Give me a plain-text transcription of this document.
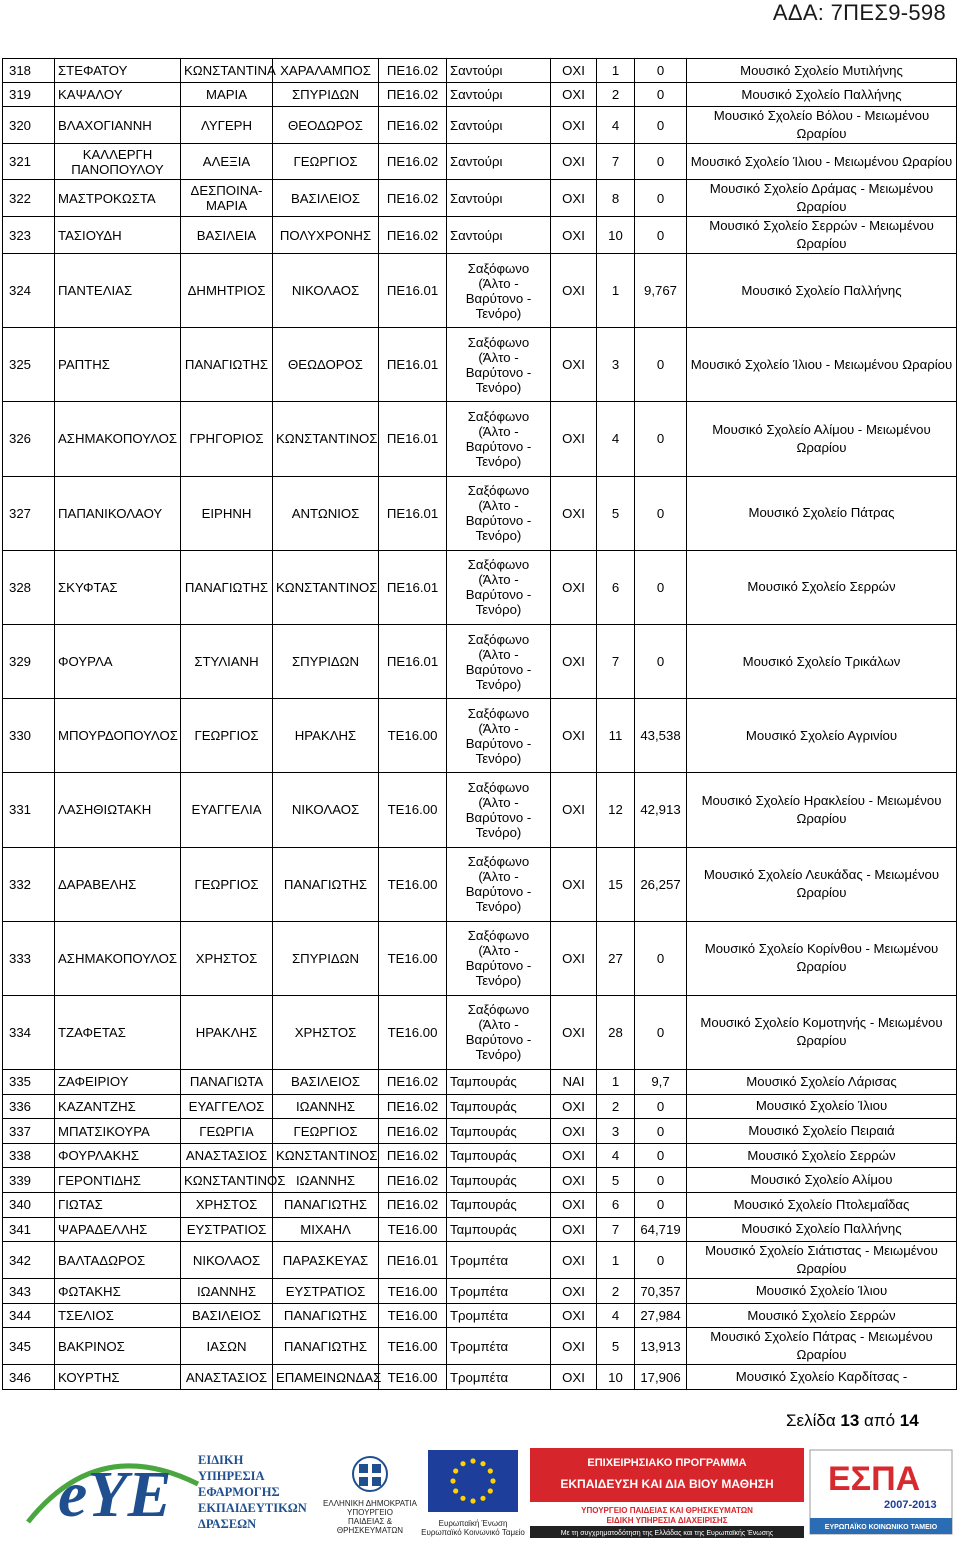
ΑΔΑ: 7ΠΕΣ9-598
318	ΣΤΕΦΑΤΟΥ	ΚΩΝΣΤΑΝΤΙΝΑ	ΧΑΡΑΛΑΜΠΟΣ	ΠΕ16.02	Σαντούρι	ΟΧΙ	1	0	Μουσικό Σχολείο Μυτιλήνης
319	ΚΑΨΑΛΟΥ	ΜΑΡΙΑ	ΣΠΥΡΙΔΩΝ	ΠΕ16.02	Σαντούρι	ΟΧΙ	2	0	Μουσικό Σχολείο Παλλήνης
320	ΒΛΑΧΟΓΙΑΝΝΗ	ΛΥΓΕΡΗ	ΘΕΟΔΩΡΟΣ	ΠΕ16.02	Σαντούρι	ΟΧΙ	4	0	Μουσικό Σχολείο Βόλου - Μειωμένου Ωραρίου
321	ΚΑΛΛΕΡΓΗ ΠΑΝΟΠΟΥΛΟΥ	ΑΛΕΞΙΑ	ΓΕΩΡΓΙΟΣ	ΠΕ16.02	Σαντούρι	ΟΧΙ	7	0	Μουσικό Σχολείο Ίλιου - Μειωμένου Ωραρίου
322	ΜΑΣΤΡΟΚΩΣΤΑ	ΔΕΣΠΟΙΝΑ-ΜΑΡΙΑ	ΒΑΣΙΛΕΙΟΣ	ΠΕ16.02	Σαντούρι	ΟΧΙ	8	0	Μουσικό Σχολείο Δράμας - Μειωμένου Ωραρίου
323	ΤΑΣΙΟΥΔΗ	ΒΑΣΙΛΕΙΑ	ΠΟΛΥΧΡΟΝΗΣ	ΠΕ16.02	Σαντούρι	ΟΧΙ	10	0	Μουσικό Σχολείο Σερρών - Μειωμένου Ωραρίου
324	ΠΑΝΤΕΛΙΑΣ	ΔΗΜΗΤΡΙΟΣ	ΝΙΚΟΛΑΟΣ	ΠΕ16.01	Σαξόφωνο (Άλτο - Βαρύτονο - Τενόρο)	ΟΧΙ	1	9,767	Μουσικό Σχολείο Παλλήνης
325	ΡΑΠΤΗΣ	ΠΑΝΑΓΙΩΤΗΣ	ΘΕΩΔΟΡΟΣ	ΠΕ16.01	Σαξόφωνο (Άλτο - Βαρύτονο - Τενόρο)	ΟΧΙ	3	0	Μουσικό Σχολείο Ίλιου - Μειωμένου Ωραρίου
326	ΑΣΗΜΑΚΟΠΟΥΛΟΣ	ΓΡΗΓΟΡΙΟΣ	ΚΩΝΣΤΑΝΤΙΝΟΣ	ΠΕ16.01	Σαξόφωνο (Άλτο - Βαρύτονο - Τενόρο)	ΟΧΙ	4	0	Μουσικό Σχολείο Αλίμου - Μειωμένου Ωραρίου
327	ΠΑΠΑΝΙΚΟΛΑΟΥ	ΕΙΡΗΝΗ	ΑΝΤΩΝΙΟΣ	ΠΕ16.01	Σαξόφωνο (Άλτο - Βαρύτονο - Τενόρο)	ΟΧΙ	5	0	Μουσικό Σχολείο Πάτρας
328	ΣΚΥΦΤΑΣ	ΠΑΝΑΓΙΩΤΗΣ	ΚΩΝΣΤΑΝΤΙΝΟΣ	ΠΕ16.01	Σαξόφωνο (Άλτο - Βαρύτονο - Τενόρο)	ΟΧΙ	6	0	Μουσικό Σχολείο Σερρών
329	ΦΟΥΡΛΑ	ΣΤΥΛΙΑΝΗ	ΣΠΥΡΙΔΩΝ	ΠΕ16.01	Σαξόφωνο (Άλτο - Βαρύτονο - Τενόρο)	ΟΧΙ	7	0	Μουσικό Σχολείο Τρικάλων
330	ΜΠΟΥΡΔΟΠΟΥΛΟΣ	ΓΕΩΡΓΙΟΣ	ΗΡΑΚΛΗΣ	ΤΕ16.00	Σαξόφωνο (Άλτο - Βαρύτονο - Τενόρο)	ΟΧΙ	11	43,538	Μουσικό Σχολείο Αγρινίου
331	ΛΑΣΗΘΙΩΤΑΚΗ	ΕΥΑΓΓΕΛΙΑ	ΝΙΚΟΛΑΟΣ	ΤΕ16.00	Σαξόφωνο (Άλτο - Βαρύτονο - Τενόρο)	ΟΧΙ	12	42,913	Μουσικό Σχολείο Ηρακλείου - Μειωμένου Ωραρίου
332	ΔΑΡΑΒΕΛΗΣ	ΓΕΩΡΓΙΟΣ	ΠΑΝΑΓΙΩΤΗΣ	ΤΕ16.00	Σαξόφωνο (Άλτο - Βαρύτονο - Τενόρο)	ΟΧΙ	15	26,257	Μουσικό Σχολείο Λευκάδας - Μειωμένου Ωραρίου
333	ΑΣΗΜΑΚΟΠΟΥΛΟΣ	ΧΡΗΣΤΟΣ	ΣΠΥΡΙΔΩΝ	ΤΕ16.00	Σαξόφωνο (Άλτο - Βαρύτονο - Τενόρο)	ΟΧΙ	27	0	Μουσικό Σχολείο Κορίνθου - Μειωμένου Ωραρίου
334	ΤΖΑΦΕΤΑΣ	ΗΡΑΚΛΗΣ	ΧΡΗΣΤΟΣ	ΤΕ16.00	Σαξόφωνο (Άλτο - Βαρύτονο - Τενόρο)	ΟΧΙ	28	0	Μουσικό Σχολείο Κομοτηνής - Μειωμένου Ωραρίου
335	ΖΑΦΕΙΡΙΟΥ	ΠΑΝΑΓΙΩΤΑ	ΒΑΣΙΛΕΙΟΣ	ΠΕ16.02	Ταμπουράς	ΝΑΙ	1	9,7	Μουσικό Σχολείο Λάρισας
336	ΚΑΖΑΝΤΖΗΣ	ΕΥΑΓΓΕΛΟΣ	ΙΩΑΝΝΗΣ	ΠΕ16.02	Ταμπουράς	ΟΧΙ	2	0	Μουσικό Σχολείο Ίλιου
337	ΜΠΑΤΣΙΚΟΥΡΑ	ΓΕΩΡΓΙΑ	ΓΕΩΡΓΙΟΣ	ΠΕ16.02	Ταμπουράς	ΟΧΙ	3	0	Μουσικό Σχολείο Πειραιά
338	ΦΟΥΡΛΑΚΗΣ	ΑΝΑΣΤΑΣΙΟΣ	ΚΩΝΣΤΑΝΤΙΝΟΣ	ΠΕ16.02	Ταμπουράς	ΟΧΙ	4	0	Μουσικό Σχολείο Σερρών
339	ΓΕΡΟΝΤΙΔΗΣ	ΚΩΝΣΤΑΝΤΙΝΟΣ	ΙΩΑΝΝΗΣ	ΠΕ16.02	Ταμπουράς	ΟΧΙ	5	0	Μουσικό Σχολείο Αλίμου
340	ΓΙΩΤΑΣ	ΧΡΗΣΤΟΣ	ΠΑΝΑΓΙΩΤΗΣ	ΠΕ16.02	Ταμπουράς	ΟΧΙ	6	0	Μουσικό Σχολείο Πτολεμαΐδας
341	ΨΑΡΑΔΕΛΛΗΣ	ΕΥΣΤΡΑΤΙΟΣ	ΜΙΧΑΗΛ	ΤΕ16.00	Ταμπουράς	ΟΧΙ	7	64,719	Μουσικό Σχολείο Παλλήνης
342	ΒΑΛΤΑΔΩΡΟΣ	ΝΙΚΟΛΑΟΣ	ΠΑΡΑΣΚΕΥΑΣ	ΠΕ16.01	Τρομπέτα	ΟΧΙ	1	0	Μουσικό Σχολείο Σιάτιστας - Μειωμένου Ωραρίου
343	ΦΩΤΑΚΗΣ	ΙΩΑΝΝΗΣ	ΕΥΣΤΡΑΤΙΟΣ	ΤΕ16.00	Τρομπέτα	ΟΧΙ	2	70,357	Μουσικό Σχολείο Ίλιου
344	ΤΣΕΛΙΟΣ	ΒΑΣΙΛΕΙΟΣ	ΠΑΝΑΓΙΩΤΗΣ	ΤΕ16.00	Τρομπέτα	ΟΧΙ	4	27,984	Μουσικό Σχολείο Σερρών
345	ΒΑΚΡΙΝΟΣ	ΙΑΣΩΝ	ΠΑΝΑΓΙΩΤΗΣ	ΤΕ16.00	Τρομπέτα	ΟΧΙ	5	13,913	Μουσικό Σχολείο Πάτρας - Μειωμένου Ωραρίου
346	ΚΟΥΡΤΗΣ	ΑΝΑΣΤΑΣΙΟΣ	ΕΠΑΜΕΙΝΩΝΔΑΣ	ΤΕ16.00	Τρομπέτα	ΟΧΙ	10	17,906	Μουσικό Σχολείο Καρδίτσας -
Σελίδα 13 από 14
eYE ΕΙΔΙΚΗ
ΥΠΗΡΕΣΙΑ
ΕΦΑΡΜΟΓΗΣ
ΕΚΠΑΙΔΕΥΤΙΚΩΝ
ΔΡΑΣΕΩΝ
ΕΛΛΗΝΙΚΗ ΔΗΜΟΚΡΑΤΙΑ
ΥΠΟΥΡΓΕΙΟ
ΠΑΙΔΕΙΑΣ & ΘΡΗΣΚΕΥΜΑΤΩΝ
Ευρωπαϊκή Ένωση
Ευρωπαϊκό Κοινωνικό Ταμείο
ΕΠΙΧΕΙΡΗΣΙΑΚΟ ΠΡΟΓΡΑΜΜΑ
ΕΚΠΑΙΔΕΥΣΗ ΚΑΙ ΔΙΑ ΒΙΟΥ ΜΑΘΗΣΗ
ΥΠΟΥΡΓΕΙΟ ΠΑΙΔΕΙΑΣ ΚΑΙ ΘΡΗΣΚΕΥΜΑΤΩΝ
ΕΙΔΙΚΗ ΥΠΗΡΕΣΙΑ ΔΙΑΧΕΙΡΙΣΗΣ
Με τη συγχρηματοδότηση της Ελλάδας και της Ευρωπαϊκής Ένωσης
ΕΣΠΑ
2007-2013
ΕΥΡΩΠΑΪΚΟ ΚΟΙΝΩΝΙΚΟ ΤΑΜΕΙΟ
